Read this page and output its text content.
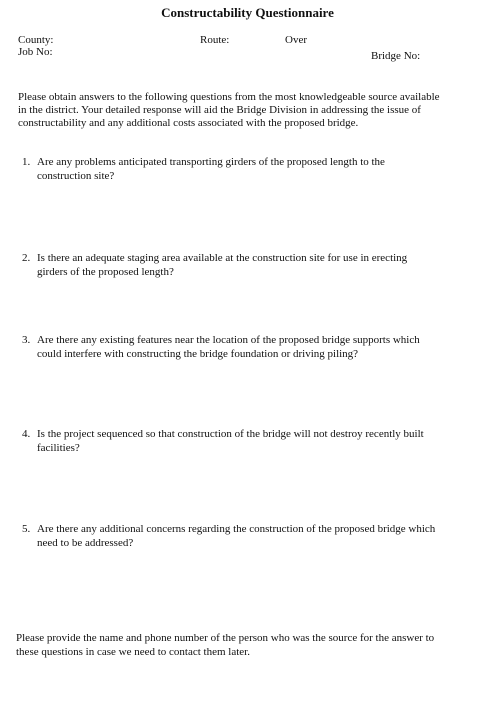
Constructability Questionnaire
County:
Job No:
Route:	Over
Bridge No:
Please obtain answers to the following questions from the most knowledgeable source available
in the district. Your detailed response will aid the Bridge Division in addressing the issue of
constructability and any additional costs associated with the proposed bridge.
1. Are any problems anticipated transporting girders of the proposed length to the
construction site?
2. Is there an adequate staging area available at the construction site for use in erecting
girders of the proposed length?
3. Are there any existing features near the location of the proposed bridge supports which
could interfere with constructing the bridge foundation or driving piling?
4. Is the project sequenced so that construction of the bridge will not destroy recently built
facilities?
5. Are there any additional concerns regarding the construction of the proposed bridge which
need to be addressed?
Please provide the name and phone number of the person who was the source for the answer to
these questions in case we need to contact them later.
